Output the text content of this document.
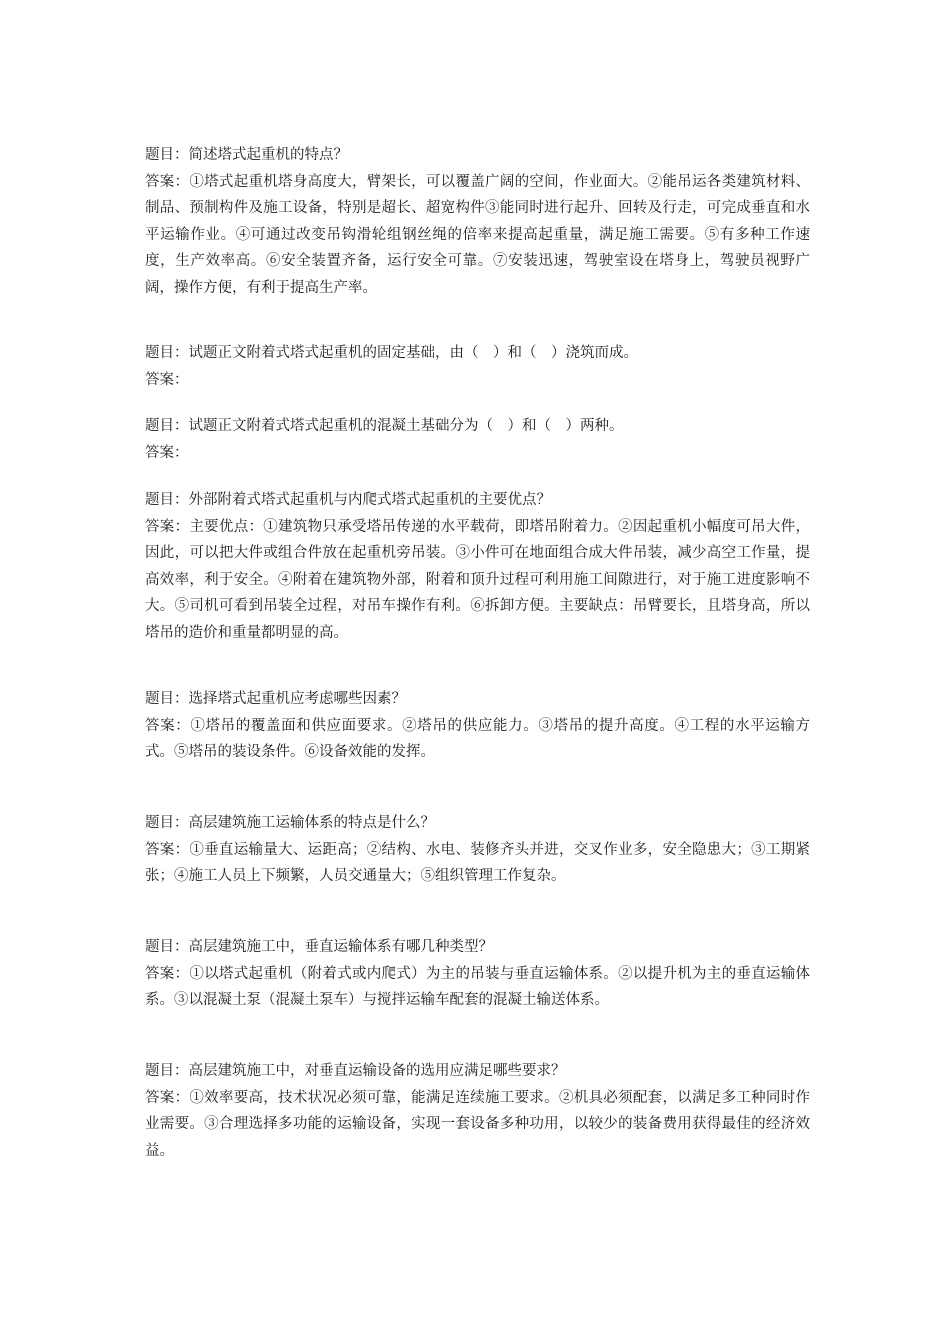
题目：简述塔式起重机的特点？

答案：①塔式起重机塔身高度大，臂架长，可以覆盖广阔的空间，作业面大。②能吊运各类建筑材料、制品、预制构件及施工设备，特别是超长、超宽构件③能同时进行起升、回转及行走，可完成垂直和水平运输作业。④可通过改变吊钩滑轮组钢丝绳的倍率来提高起重量，满足施工需要。⑤有多种工作速度，生产效率高。⑥安全装置齐备，运行安全可靠。⑦安装迅速，驾驶室设在塔身上，驾驶员视野广阔，操作方便，有利于提高生产率。

题目：试题正文附着式塔式起重机的固定基础，由（　）和（　）浇筑而成。

答案：

题目：试题正文附着式塔式起重机的混凝土基础分为（　）和（　）两种。

答案：

题目：外部附着式塔式起重机与内爬式塔式起重机的主要优点？

答案：主要优点：①建筑物只承受塔吊传递的水平载荷，即塔吊附着力。②因起重机小幅度可吊大件，因此，可以把大件或组合件放在起重机旁吊装。③小件可在地面组合成大件吊装，减少高空工作量，提高效率，利于安全。④附着在建筑物外部，附着和顶升过程可利用施工间隙进行，对于施工进度影响不大。⑤司机可看到吊装全过程，对吊车操作有利。⑥拆卸方便。主要缺点：吊臂要长，且塔身高，所以塔吊的造价和重量都明显的高。

题目：选择塔式起重机应考虑哪些因素？

答案：①塔吊的覆盖面和供应面要求。②塔吊的供应能力。③塔吊的提升高度。④工程的水平运输方式。⑤塔吊的装设条件。⑥设备效能的发挥。

题目：高层建筑施工运输体系的特点是什么？

答案：①垂直运输量大、运距高；②结构、水电、装修齐头并进，交叉作业多，安全隐患大；③工期紧张；④施工人员上下频繁，人员交通量大；⑤组织管理工作复杂。

题目：高层建筑施工中，垂直运输体系有哪几种类型？

答案：①以塔式起重机（附着式或内爬式）为主的吊装与垂直运输体系。②以提升机为主的垂直运输体系。③以混凝土泵（混凝土泵车）与搅拌运输车配套的混凝土输送体系。

题目：高层建筑施工中，对垂直运输设备的选用应满足哪些要求？

答案：①效率要高，技术状况必须可靠，能满足连续施工要求。②机具必须配套，以满足多工种同时作业需要。③合理选择多功能的运输设备，实现一套设备多种功用，以较少的装备费用获得最佳的经济效益。
